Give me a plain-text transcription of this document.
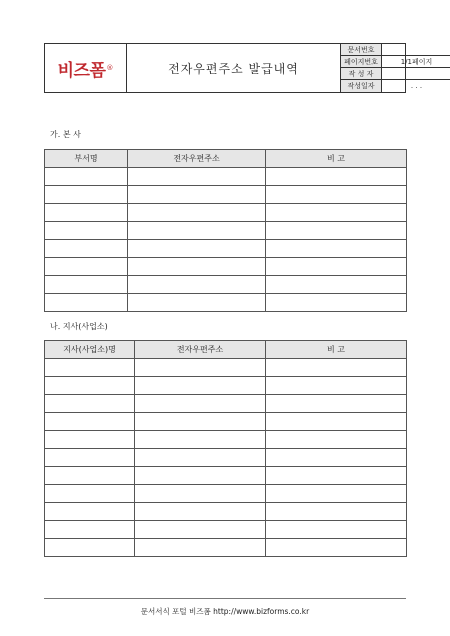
비즈폼 ®	전자우편주소 발급내역
문서번호
페이지번호	1/1페이지
작 성 자
작성일자	. . .
가. 본 사
부서명	전자우편주소	비 고

나. 지사(사업소)
지사(사업소)명	전자우편주소	비 고

문서서식 포털 비즈폼 http://www.bizforms.co.kr
